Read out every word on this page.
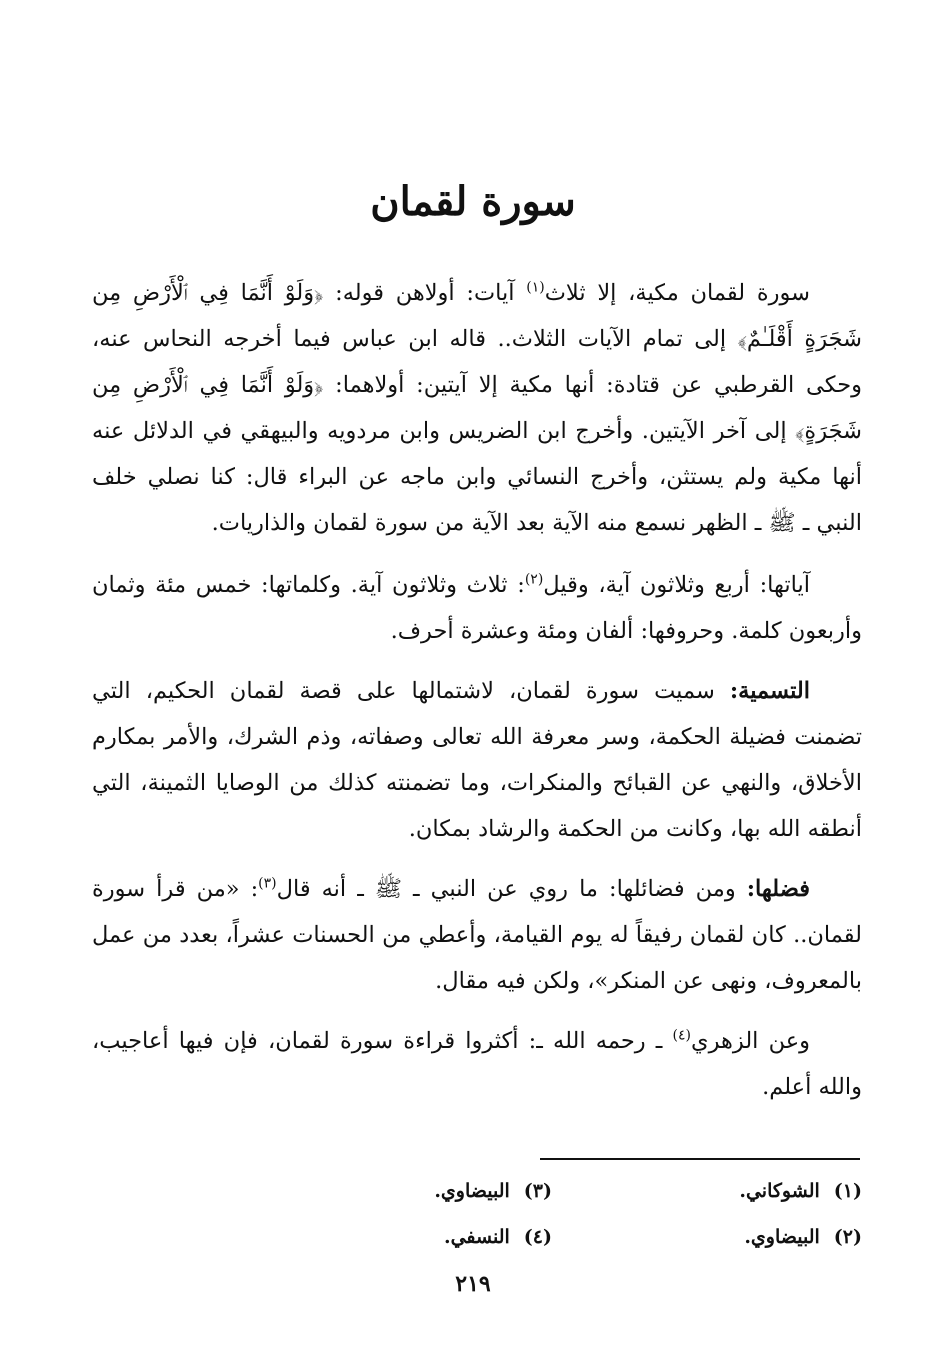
سورة لقمان

سورة لقمان مكية، إلا ثلاث$^{(١)}$ آيات: أولاهن قوله: ﴿وَلَوْ أَنَّمَا فِي ٱلْأَرْضِ مِن شَجَرَةٍ أَقْلَـٰمٌ﴾ إلى تمام الآيات الثلاث.. قاله ابن عباس فيما أخرجه النحاس عنه، وحكى القرطبي عن قتادة: أنها مكية إلا آيتين: أولاهما: ﴿وَلَوْ أَنَّمَا فِي ٱلْأَرْضِ مِن شَجَرَةٍ﴾ إلى آخر الآيتين. وأخرج ابن الضريس وابن مردويه والبيهقي في الدلائل عنه أنها مكية ولم يستثن، وأخرج النسائي وابن ماجه عن البراء قال: كنا نصلي خلف النبي ـ ﷺ ـ الظهر نسمع منه الآية بعد الآية من سورة لقمان والذاريات.

آياتها: أربع وثلاثون آية، وقيل$^{(٢)}$: ثلاث وثلاثون آية. وكلماتها: خمس مئة وثمان وأربعون كلمة. وحروفها: ألفان ومئة وعشرة أحرف.

التسمية: سميت سورة لقمان، لاشتمالها على قصة لقمان الحكيم، التي تضمنت فضيلة الحكمة، وسر معرفة الله تعالى وصفاته، وذم الشرك، والأمر بمكارم الأخلاق، والنهي عن القبائح والمنكرات، وما تضمنته كذلك من الوصايا الثمينة، التي أنطقه الله بها، وكانت من الحكمة والرشاد بمكان.

فضلها: ومن فضائلها: ما روي عن النبي ـ ﷺ ـ أنه قال$^{(٣)}$: «من قرأ سورة لقمان.. كان لقمان رفيقاً له يوم القيامة، وأعطي من الحسنات عشراً، بعدد من عمل بالمعروف، ونهى عن المنكر»، ولكن فيه مقال.

وعن الزهري$^{(٤)}$ ـ رحمه الله ـ: أكثروا قراءة سورة لقمان، فإن فيها أعاجيب، والله أعلم.

(١)الشوكاني.
(٣)البيضاوي.
(٢)البيضاوي.
(٤)النسفي.
٢١٩
